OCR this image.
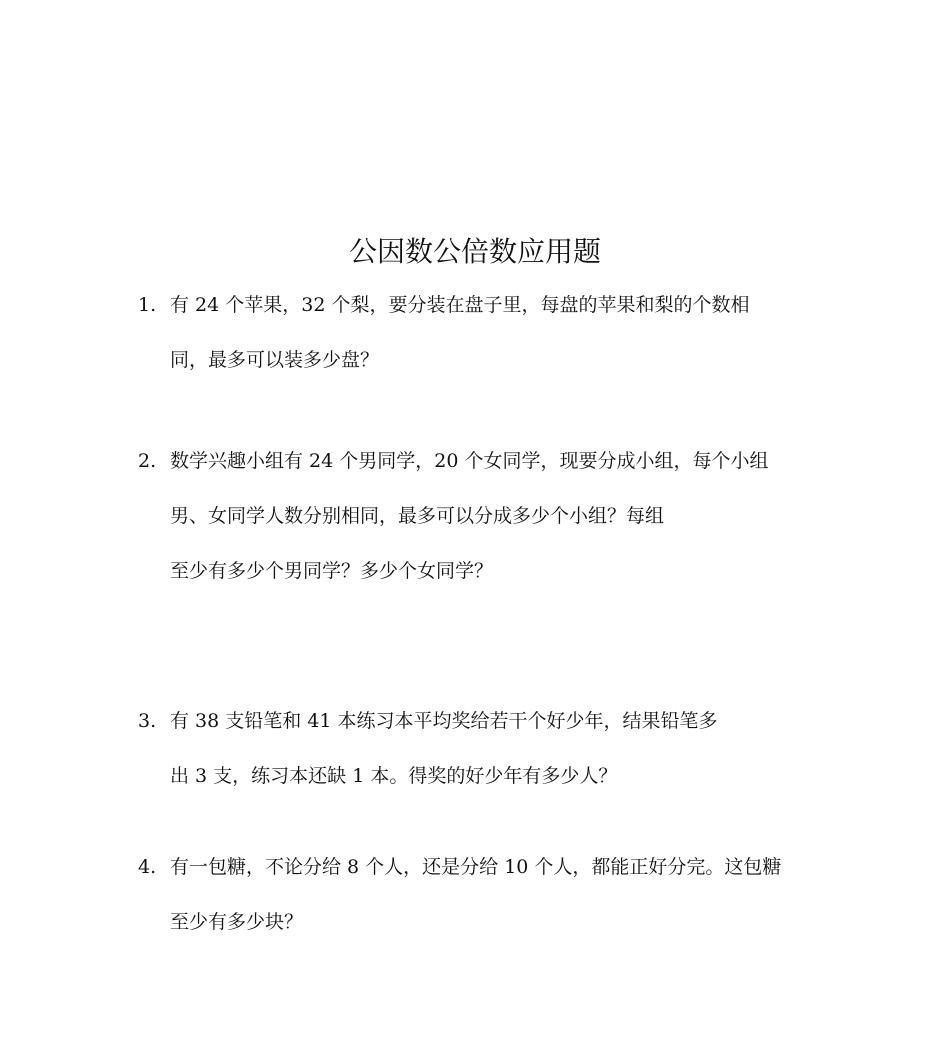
公因数公倍数应用题
1. 有 24 个苹果，32 个梨，要分装在盘子里，每盘的苹果和梨的个数相
同，最多可以装多少盘？
2. 数学兴趣小组有 24 个男同学，20 个女同学，现要分成小组，每个小组
男、女同学人数分别相同，最多可以分成多少个小组？每组
至少有多少个男同学？多少个女同学？
3. 有 38 支铅笔和 41 本练习本平均奖给若干个好少年，结果铅笔多
出 3 支，练习本还缺 1 本。得奖的好少年有多少人？
4. 有一包糖，不论分给 8 个人，还是分给 10 个人，都能正好分完。这包糖
至少有多少块？
